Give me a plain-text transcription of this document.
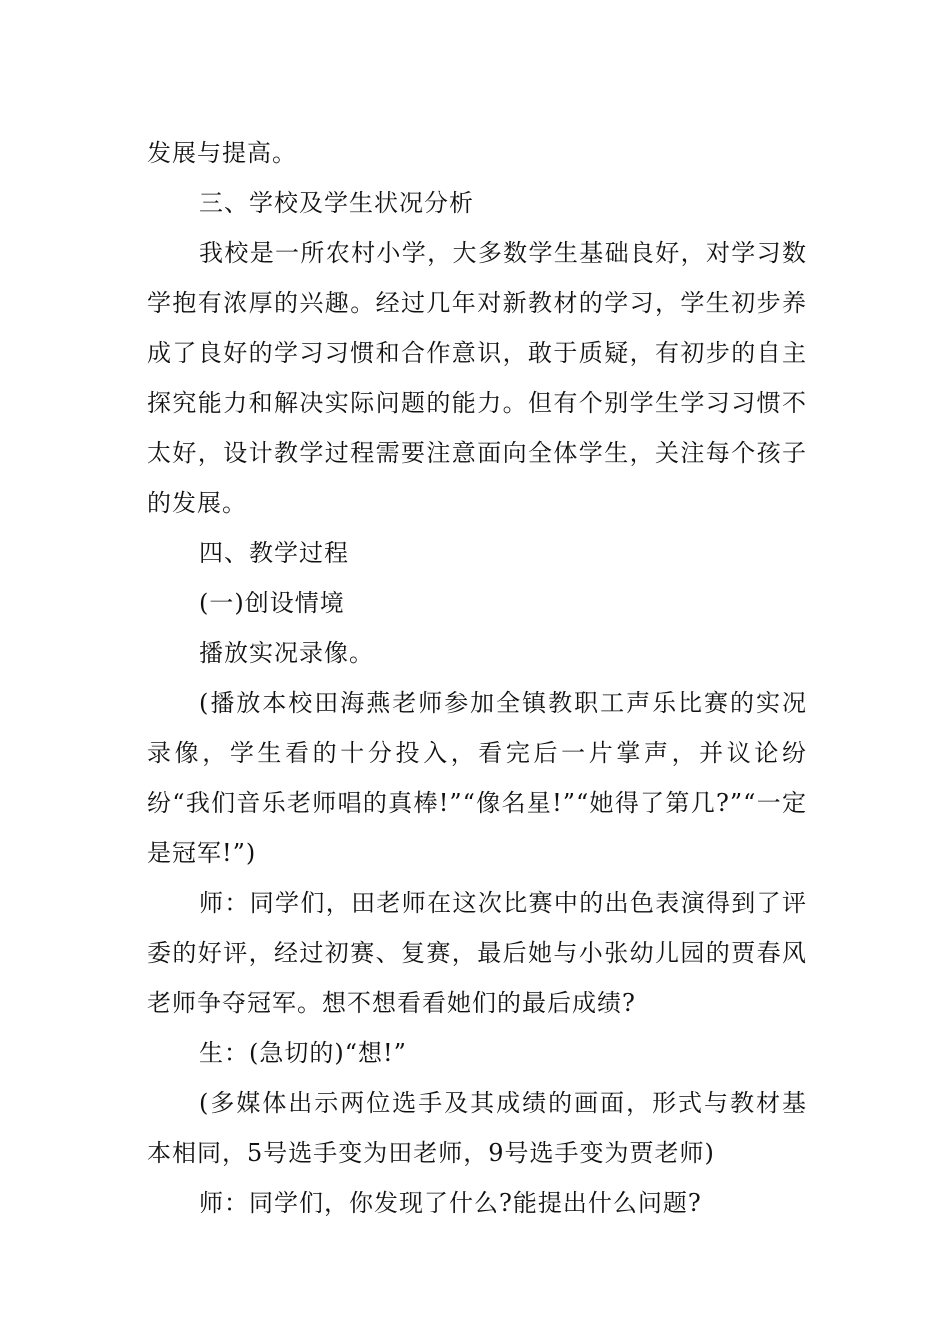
发展与提高。

三、学校及学生状况分析

我校是一所农村小学，大多数学生基础良好，对学习数学抱有浓厚的兴趣。经过几年对新教材的学习，学生初步养成了良好的学习习惯和合作意识，敢于质疑，有初步的自主探究能力和解决实际问题的能力。但有个别学生学习习惯不太好，设计教学过程需要注意面向全体学生，关注每个孩子的发展。

四、教学过程

(一)创设情境

播放实况录像。

(播放本校田海燕老师参加全镇教职工声乐比赛的实况录像，学生看的十分投入，看完后一片掌声，并议论纷纷“我们音乐老师唱的真棒!”“像名星!”“她得了第几?”“一定是冠军!”)

师：同学们，田老师在这次比赛中的出色表演得到了评委的好评，经过初赛、复赛，最后她与小张幼儿园的贾春风老师争夺冠军。想不想看看她们的最后成绩?

生：(急切的)“想!”

(多媒体出示两位选手及其成绩的画面，形式与教材基本相同，5号选手变为田老师，9号选手变为贾老师)

师：同学们，你发现了什么?能提出什么问题?
